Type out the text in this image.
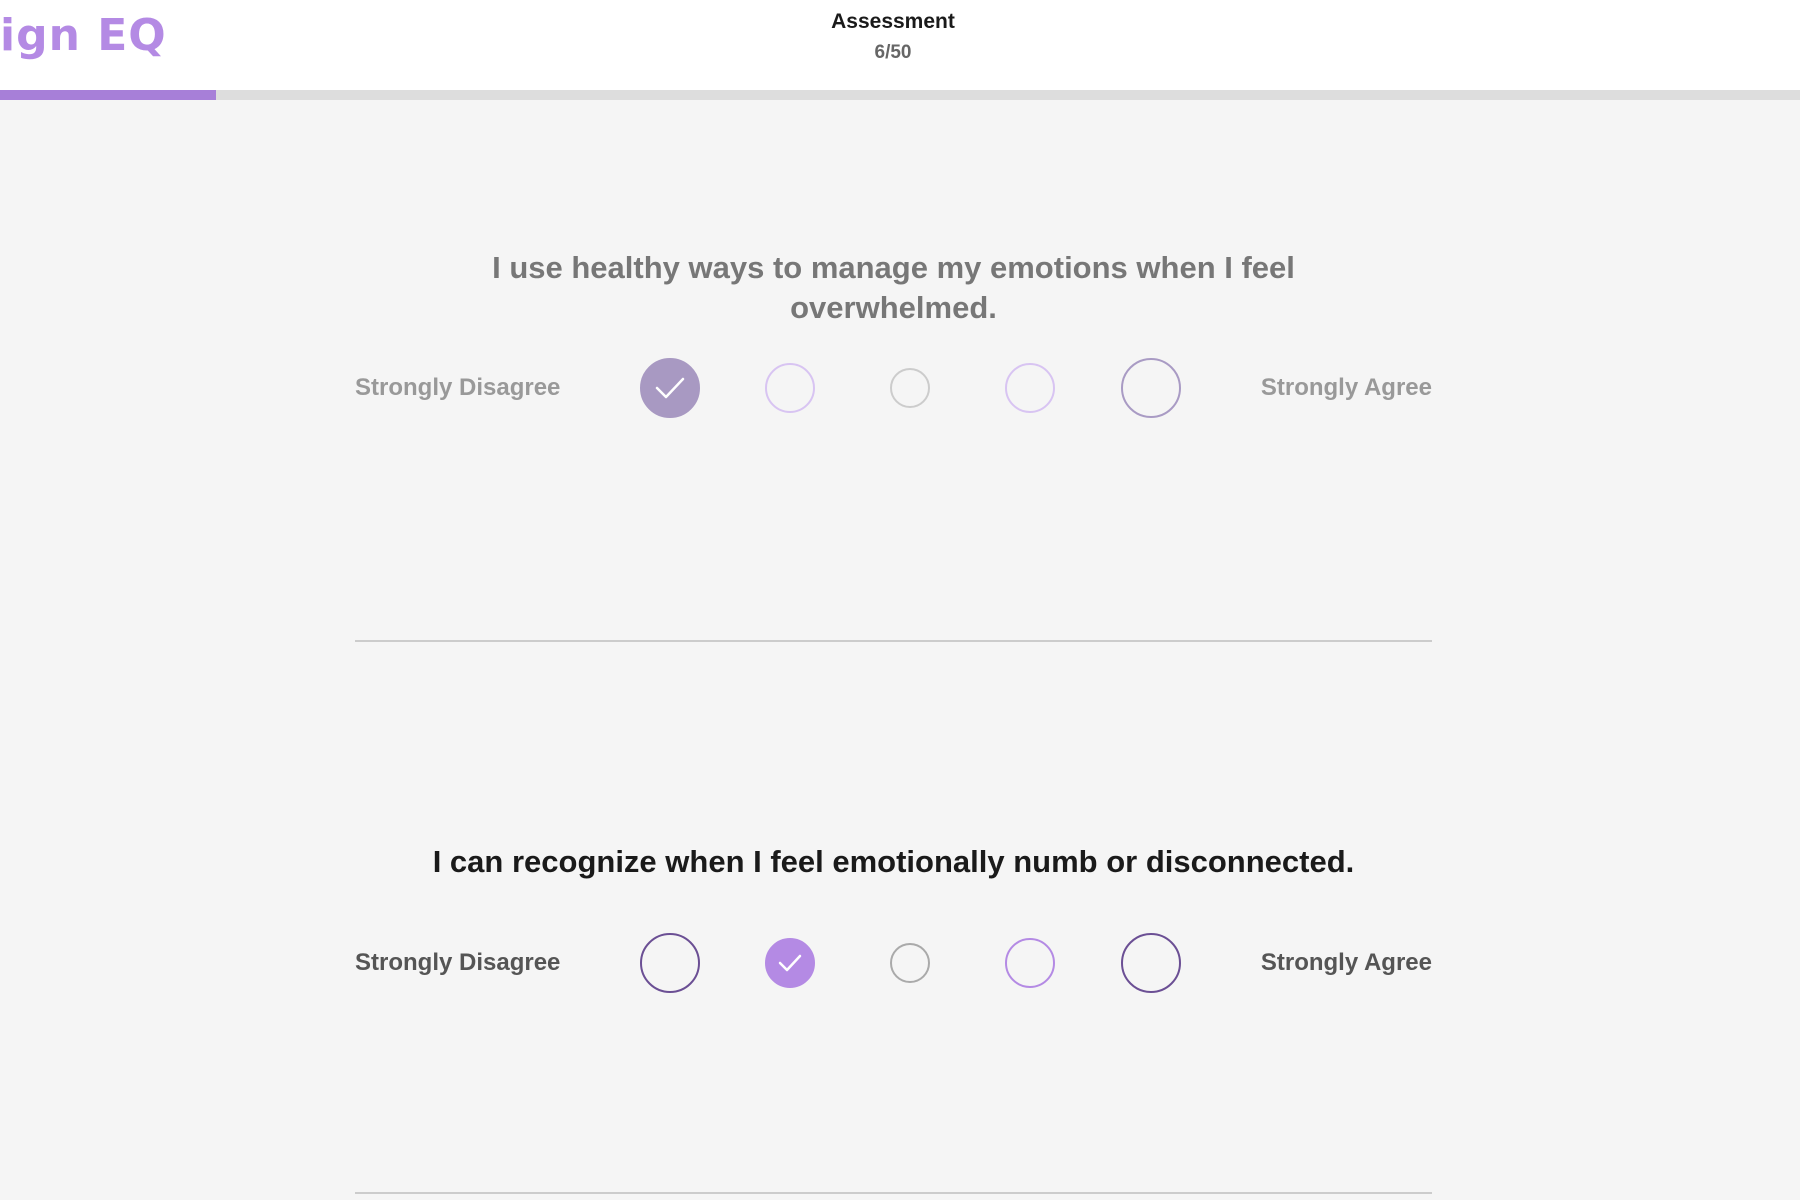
ign EQ	Assessment
6/50
I use healthy ways to manage my emotions when I feel overwhelmed.
Strongly Disagree	Strongly Agree
I can recognize when I feel emotionally numb or disconnected.
Strongly Disagree	Strongly Agree
